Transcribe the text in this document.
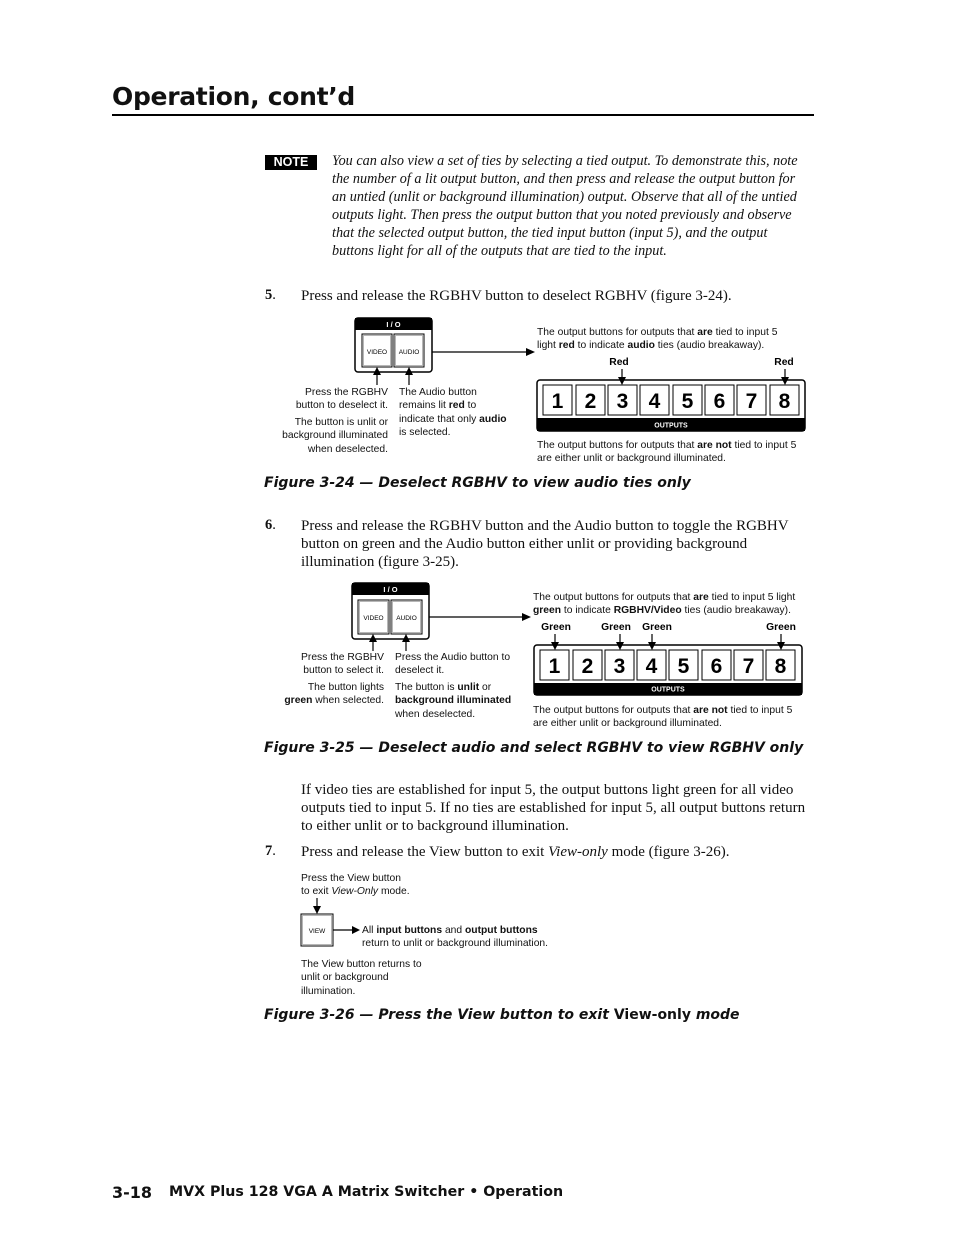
Operation, cont’d
NOTE	You can also view a set of ties by selecting a tied output. To demonstrate this, note the number of a lit output button, and then press and release the output button for an untied (unlit or background illumination) output. Observe that all of the untied outputs light. Then press the output button that you noted previously and observe that the selected output button, the tied input button (input 5), and the output buttons light for all of the outputs that are tied to the input.
5. Press and release the RGBHV button to deselect RGBHV (figure 3-24).
I / O
VIDEO AUDIO
OUTPUTS
1 2 3 4 5 6 7 8
Red	Red
The output buttons for outputs that are tied to input 5
light red to indicate audio ties (audio breakaway).
Press the RGBHV
button to deselect it.
The button is unlit or
background illuminated
when deselected.
The Audio button
remains lit red to
indicate that only audio
is selected.
The output buttons for outputs that are not tied to input 5
are either unlit or background illuminated.
Figure 3-24 — Deselect RGBHV to view audio ties only
6. Press and release the RGBHV button and the Audio button to toggle the RGBHV button on green and the Audio button either unlit or providing background illumination (figure 3-25).
I / O
VIDEO AUDIO
OUTPUTS
1 2 3 4 5 6 7 8
Green	Green Green	Green
The output buttons for outputs that are tied to input 5 light
green to indicate RGBHV/Video ties (audio breakaway).
Press the RGBHV
button to select it.
The button lights
green when selected.
Press the Audio button to
deselect it.
The button is unlit or
background illuminated
when deselected.	The output buttons for outputs that are not tied to input 5
are either unlit or background illuminated.
Figure 3-25 — Deselect audio and select RGBHV to view RGBHV only
If video ties are established for input 5, the output buttons light green for all video outputs tied to input 5. If no ties are established for input 5, all output buttons return to either unlit or to background illumination.
7. Press and release the View button to exit View-only mode (figure 3-26).
VIEW
Press the View button
to exit View-Only mode.
All input buttons and output buttons
return to unlit or background illumination.
The View button returns to
unlit or background
illumination.
Figure 3-26 — Press the View button to exit View-only mode
3-18 MVX Plus 128 VGA A Matrix Switcher • Operation
